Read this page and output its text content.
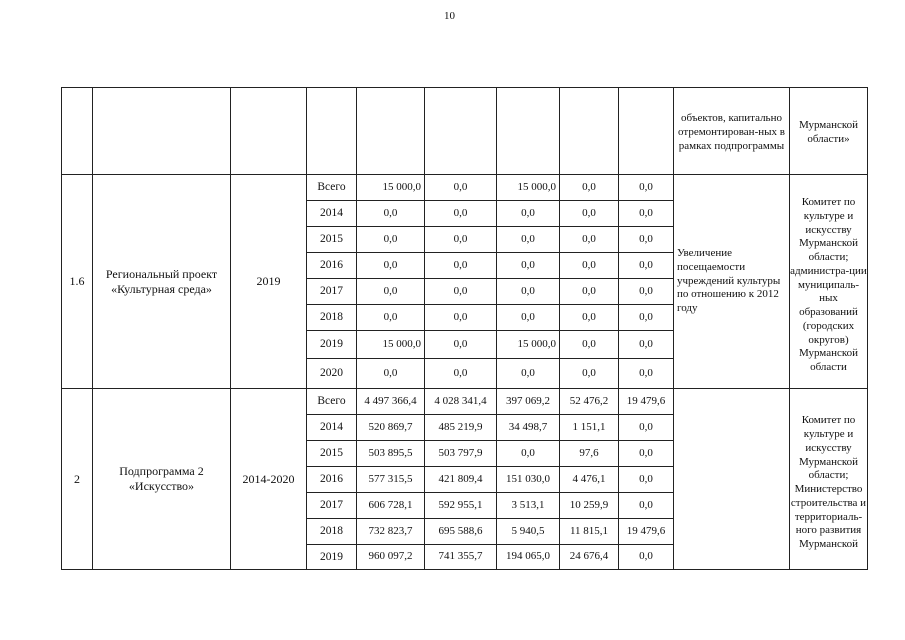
10
									объектов, капитально отремонтирован-ных в рамках подпрограммы	Мурманской области»
1.6	Региональный проект «Культурная среда»	2019	Всего	15 000,0	0,0	15 000,0	0,0	0,0	Увеличение посещаемости учреждений культуры по отношению к 2012 году	Комитет по культуре и искусству Мурманской области; администра-ции муниципаль-ных образований (городских округов) Мурманской области
			2014	0,0	0,0	0,0	0,0	0,0		
			2015	0,0	0,0	0,0	0,0	0,0		
			2016	0,0	0,0	0,0	0,0	0,0		
			2017	0,0	0,0	0,0	0,0	0,0		
			2018	0,0	0,0	0,0	0,0	0,0		
			2019	15 000,0	0,0	15 000,0	0,0	0,0		
			2020	0,0	0,0	0,0	0,0	0,0		
2	Подпрограмма 2 «Искусство»	2014-2020	Всего	4 497 366,4	4 028 341,4	397 069,2	52 476,2	19 479,6		Комитет по культуре и искусству Мурманской области; Министерство строительства и территориаль-ного развития Мурманской
			2014	520 869,7	485 219,9	34 498,7	1 151,1	0,0		
			2015	503 895,5	503 797,9	0,0	97,6	0,0		
			2016	577 315,5	421 809,4	151 030,0	4 476,1	0,0		
			2017	606 728,1	592 955,1	3 513,1	10 259,9	0,0		
			2018	732 823,7	695 588,6	5 940,5	11 815,1	19 479,6		
			2019	960 097,2	741 355,7	194 065,0	24 676,4	0,0		
